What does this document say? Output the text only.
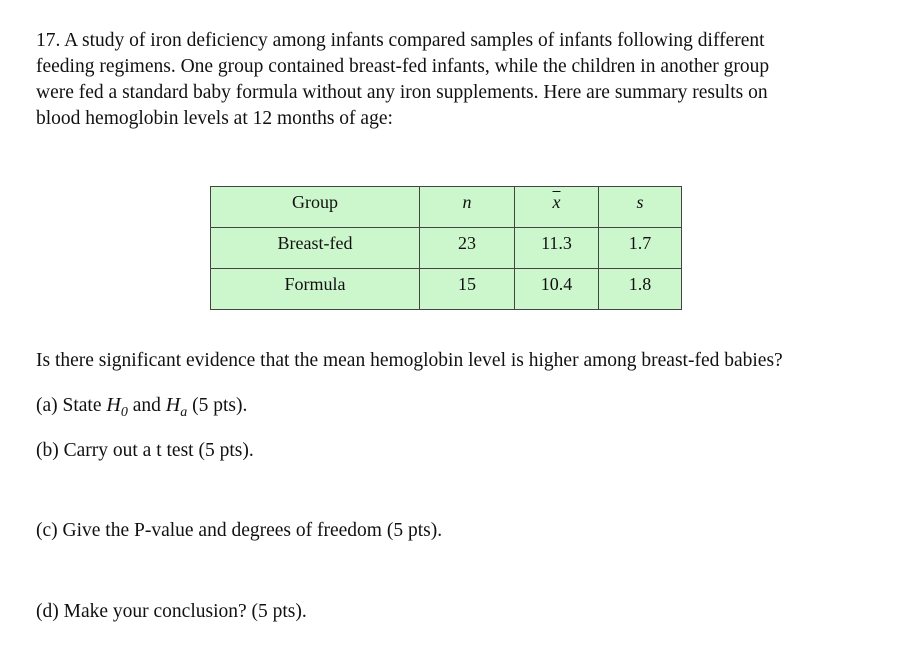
17. A study of iron deficiency among infants compared samples of infants following different
feeding regimens. One group contained breast-fed infants, while the children in another group
were fed a standard baby formula without any iron supplements. Here are summary results on
blood hemoglobin levels at 12 months of age:

Group	n	$\overline{x}$	s
Breast-fed	23	11.3	1.7
Formula	15	10.4	1.8

Is there significant evidence that the mean hemoglobin level is higher among breast-fed babies?

(a) State $H_0$ and $H_a$ (5 pts).

(b) Carry out a t test (5 pts).

(c) Give the P-value and degrees of freedom (5 pts).

(d) Make your conclusion? (5 pts).
